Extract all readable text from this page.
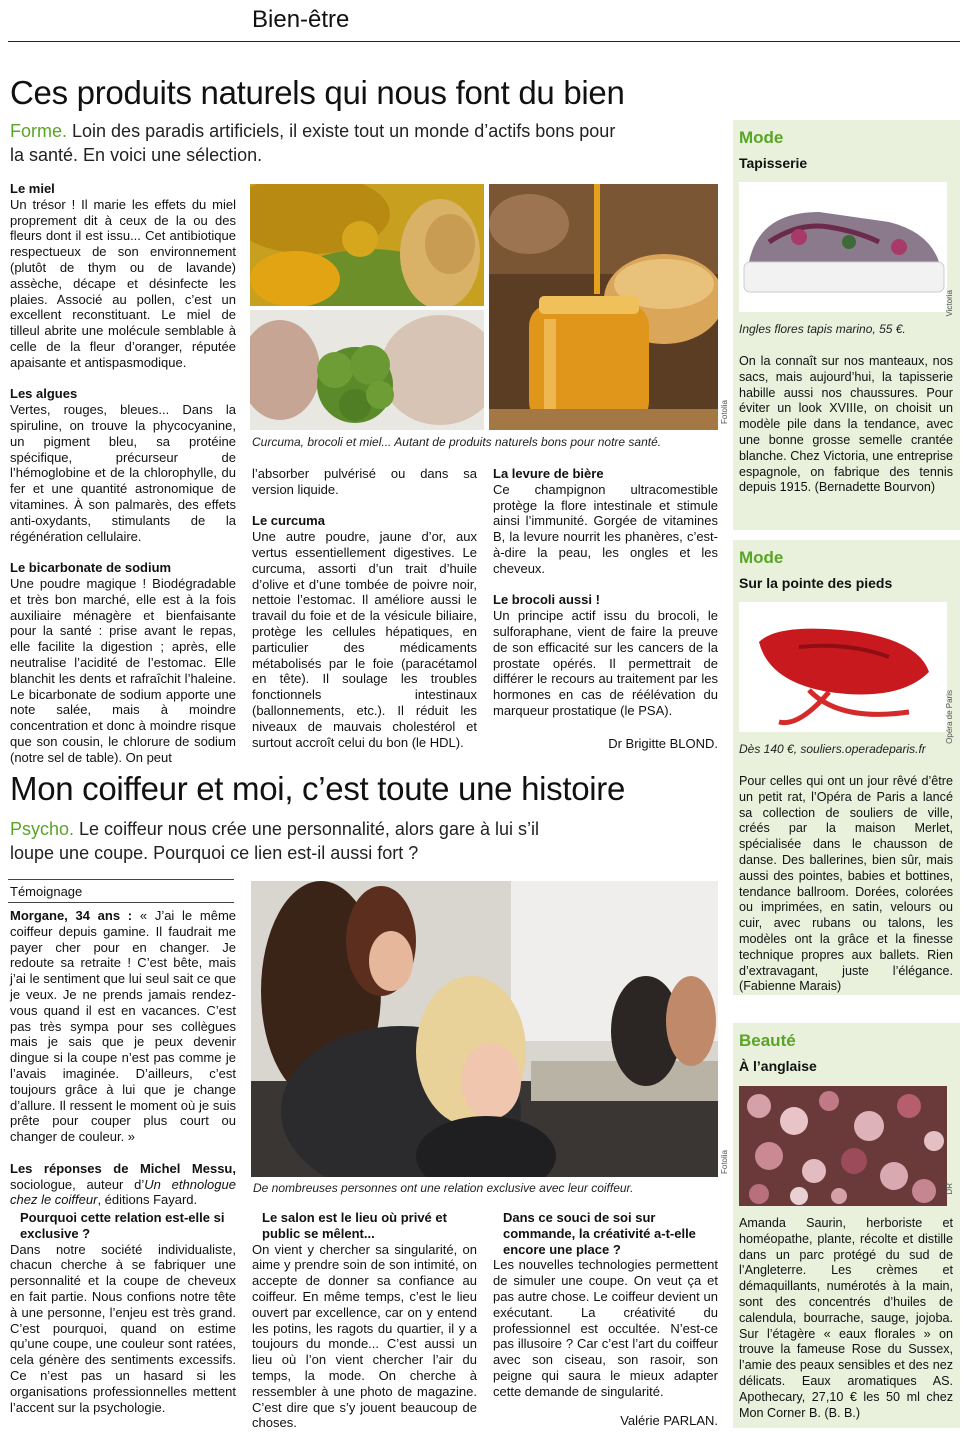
Bien-être
Ces produits naturels qui nous font du bien
Forme. Loin des paradis artificiels, il existe tout un monde d’actifs bons pour la santé. En voici une sélection.

Le miel

Un trésor ! Il marie les effets du miel proprement dit à ceux de la ou des fleurs dont il est issu... Cet antibiotique respectueux de son environnement (plutôt de thym ou de lavande) assèche, décape et désinfecte les plaies. Associé au pollen, c’est un excellent reconstituant. Le miel de tilleul abrite une molécule semblable à celle de la fleur d’oranger, réputée apaisante et antispasmodique.

Les algues

Vertes, rouges, bleues... Dans la spiruline, on trouve la phycocyanine, un pigment bleu, sa protéine spécifique, précurseur de l’hémoglobine et de la chlorophylle, du fer et une quantité astronomique de vitamines. À son palmarès, des effets anti-oxydants, stimulants de la régénération cellulaire.

Le bicarbonate de sodium

Une poudre magique ! Biodégradable et très bon marché, elle est à la fois auxiliaire ménagère et bienfaisante pour la santé : prise avant le repas, elle facilite la digestion ; après, elle neutralise l’acidité de l’estomac. Elle blanchit les dents et rafraîchit l’haleine. Le bicarbonate de sodium apporte une note salée, mais à moindre concentration et donc à moindre risque que son cousin, le chlorure de sodium (notre sel de table). On peut

Fotolia
Curcuma, brocoli et miel... Autant de produits naturels bons pour notre santé.

l’absorber pulvérisé ou dans sa version liquide.

Le curcuma

Une autre poudre, jaune d’or, aux vertus essentiellement digestives. Le curcuma, assorti d’un trait d’huile d’olive et d’une tombée de poivre noir, nettoie l’estomac. Il améliore aussi le travail du foie et de la vésicule biliaire, protège les cellules hépatiques, en particulier des médicaments métabolisés par le foie (paracétamol en tête). Il soulage les troubles fonctionnels intestinaux (ballonnements, etc.). Il réduit les niveaux de mauvais cholestérol et surtout accroît celui du bon (le HDL).

La levure de bière

Ce champignon ultracomestible protège la flore intestinale et stimule ainsi l’immunité. Gorgée de vitamines B, la levure nourrit les phanères, c’est-à-dire la peau, les ongles et les cheveux.

Le brocoli aussi !

Un principe actif issu du brocoli, le sulforaphane, vient de faire la preuve de son efficacité sur les cancers de la prostate opérés. Il permettrait de différer le recours au traitement par les hormones en cas de réélévation du marqueur prostatique (le PSA).

Dr Brigitte BLOND.
Mon coiffeur et moi, c’est toute une histoire
Psycho. Le coiffeur nous crée une personnalité, alors gare à lui s’il loupe une coupe. Pourquoi ce lien est-il aussi fort ?
Témoignage

Morgane, 34 ans : « J’ai le même coiffeur depuis gamine. Il faudrait me payer cher pour en changer. Je redoute sa retraite ! C’est bête, mais j’ai le sentiment que lui seul sait ce que je veux. Je ne prends jamais rendez-vous quand il est en vacances. C’est pas très sympa pour ses collègues mais je sais que je peux devenir dingue si la coupe n’est pas comme je l’avais imaginée. D’ailleurs, c’est toujours grâce à lui que je change d’allure. Il ressent le moment où je suis prête pour couper plus court ou changer de couleur. »

Les réponses de Michel Messu, sociologue, auteur d’Un ethnologue chez le coiffeur, éditions Fayard.

Fotolia
De nombreuses personnes ont une relation exclusive avec leur coiffeur.

Pourquoi cette relation est-elle si exclusive ?

Dans notre société individualiste, chacun cherche à se fabriquer une personnalité et la coupe de cheveux en fait partie. Nous confions notre tête à une personne, l’enjeu est très grand. C’est pourquoi, quand on estime qu’une coupe, une couleur sont ratées, cela génère des sentiments excessifs. Ce n’est pas un hasard si les organisations professionnelles mettent l’accent sur la psychologie.

Le salon est le lieu où privé et public se mêlent...

On vient y chercher sa singularité, on aime y prendre soin de son intimité, on accepte de donner sa confiance au coiffeur. En même temps, c’est le lieu ouvert par excellence, car on y entend les potins, les ragots du quartier, il y a toujours du monde... C’est aussi un lieu où l’on vient chercher l’air du temps, la mode. On cherche à ressembler à une photo de magazine. C’est dire que s’y jouent beaucoup de choses.

Dans ce souci de soi sur commande, la créativité a-t-elle encore une place ?

Les nouvelles technologies permettent de simuler une coupe. On veut ça et pas autre chose. Le coiffeur devient un exécutant. La créativité du professionnel est occultée. N’est-ce pas illusoire ? Car c’est l’art du coiffeur avec son ciseau, son rasoir, son peigne qui saura le mieux adapter cette demande de singularité.

Valérie PARLAN.
Mode
Tapisserie
Victoria
Ingles flores tapis marino, 55 €.
On la connaît sur nos manteaux, nos sacs, mais aujourd’hui, la tapisserie habille aussi nos chaussures. Pour éviter un look XVIIIe, on choisit un modèle pile dans la tendance, avec une bonne grosse semelle crantée blanche. Chez Victoria, une entreprise espagnole, on fabrique des tennis depuis 1915. (Bernadette Bourvon)
Mode
Sur la pointe des pieds
Opéra de Paris
Dès 140 €, souliers.operadeparis.fr
Pour celles qui ont un jour rêvé d’être un petit rat, l’Opéra de Paris a lancé sa collection de souliers de ville, créés par la maison Merlet, spécialisée dans le chausson de danse. Des ballerines, bien sûr, mais aussi des pointes, babies et bottines, tendance ballroom. Dorées, colorées ou imprimées, en satin, velours ou cuir, avec rubans ou talons, les modèles ont la grâce et la finesse technique propres aux ballets. Rien d’extravagant, juste l’élégance. (Fabienne Marais)
Beauté
À l’anglaise
DR
Amanda Saurin, herboriste et homéopathe, plante, récolte et distille dans un parc protégé du sud de l’Angleterre. Les crèmes et démaquillants, numérotés à la main, sont des concentrés d’huiles de calendula, bourrache, sauge, jojoba. Sur l’étagère « eaux florales » on trouve la fameuse Rose du Sussex, l’amie des peaux sensibles et des nez délicats. Eaux aromatiques AS. Apothecary, 27,10 € les 50 ml chez Mon Corner B. (B. B.)
